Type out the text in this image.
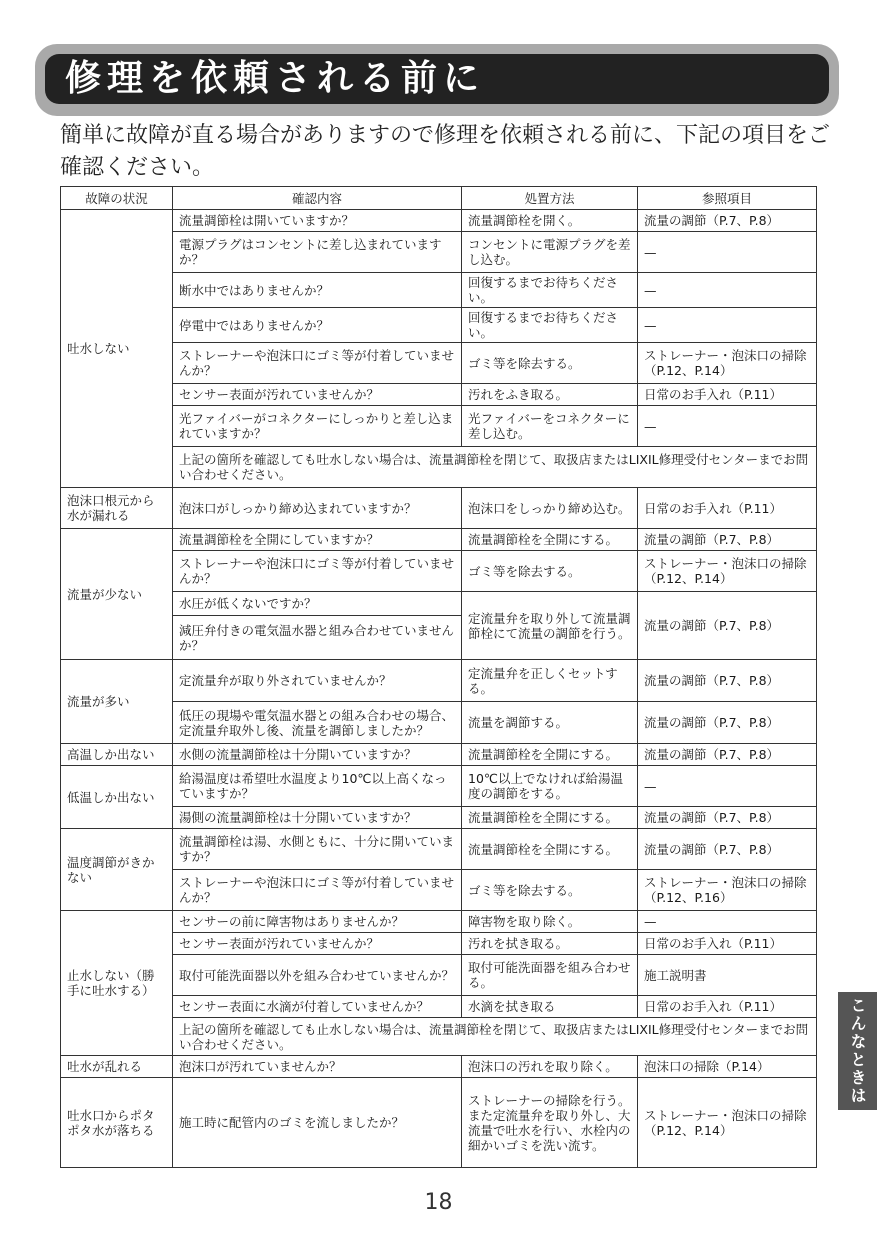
修理を依頼される前に
簡単に故障が直る場合がありますので修理を依頼される前に、下記の項目をご確認ください。
故障の状況	確認内容	処置方法	参照項目
吐水しない	流量調節栓は開いていますか？	流量調節栓を開く。	流量の調節（P.7、P.8）
	電源プラグはコンセントに差し込まれていますか？	コンセントに電源プラグを差し込む。	—
	断水中ではありませんか？	回復するまでお待ちください。	—
	停電中ではありませんか？	回復するまでお待ちください。	—
	ストレーナーや泡沫口にゴミ等が付着していませんか？	ゴミ等を除去する。	ストレーナー・泡沫口の掃除（P.12、P.14）
	センサー表面が汚れていませんか？	汚れをふき取る。	日常のお手入れ（P.11）
	光ファイバーがコネクターにしっかりと差し込まれていますか？	光ファイバーをコネクターに差し込む。	—
	上記の箇所を確認しても吐水しない場合は、流量調節栓を閉じて、取扱店またはLIXIL修理受付センターまでお問い合わせください。		
泡沫口根元から水が漏れる	泡沫口がしっかり締め込まれていますか？	泡沫口をしっかり締め込む。	日常のお手入れ（P.11）
流量が少ない	流量調節栓を全開にしていますか？	流量調節栓を全開にする。	流量の調節（P.7、P.8）
	ストレーナーや泡沫口にゴミ等が付着していませんか？	ゴミ等を除去する。	ストレーナー・泡沫口の掃除（P.12、P.14）
	水圧が低くないですか？	定流量弁を取り外して流量調節栓にて流量の調節を行う。	流量の調節（P.7、P.8）
	減圧弁付きの電気温水器と組み合わせていませんか？		
流量が多い	定流量弁が取り外されていませんか？	定流量弁を正しくセットする。	流量の調節（P.7、P.8）
	低圧の現場や電気温水器との組み合わせの場合、定流量弁取外し後、流量を調節しましたか？	流量を調節する。	流量の調節（P.7、P.8）
高温しか出ない	水側の流量調節栓は十分開いていますか？	流量調節栓を全開にする。	流量の調節（P.7、P.8）
低温しか出ない	給湯温度は希望吐水温度より10℃以上高くなっていますか？	10℃以上でなければ給湯温度の調節をする。	—
	湯側の流量調節栓は十分開いていますか？	流量調節栓を全開にする。	流量の調節（P.7、P.8）
温度調節がきかない	流量調節栓は湯、水側ともに、十分に開いていますか？	流量調節栓を全開にする。	流量の調節（P.7、P.8）
	ストレーナーや泡沫口にゴミ等が付着していませんか？	ゴミ等を除去する。	ストレーナー・泡沫口の掃除（P.12、P.16）
止水しない（勝手に吐水する）	センサーの前に障害物はありませんか？	障害物を取り除く。	—
	センサー表面が汚れていませんか？	汚れを拭き取る。	日常のお手入れ（P.11）
	取付可能洗面器以外を組み合わせていませんか？	取付可能洗面器を組み合わせる。	施工説明書
	センサー表面に水滴が付着していませんか？	水滴を拭き取る	日常のお手入れ（P.11）
	上記の箇所を確認しても止水しない場合は、流量調節栓を閉じて、取扱店またはLIXIL修理受付センターまでお問い合わせください。		
吐水が乱れる	泡沫口が汚れていませんか？	泡沫口の汚れを取り除く。	泡沫口の掃除（P.14）
吐水口からポタポタ水が落ちる	施工時に配管内のゴミを流しましたか？	ストレーナーの掃除を行う。また定流量弁を取り外し、大流量で吐水を行い、水栓内の細かいゴミを洗い流す。	ストレーナー・泡沫口の掃除（P.12、P.14）
こんなときは
18
